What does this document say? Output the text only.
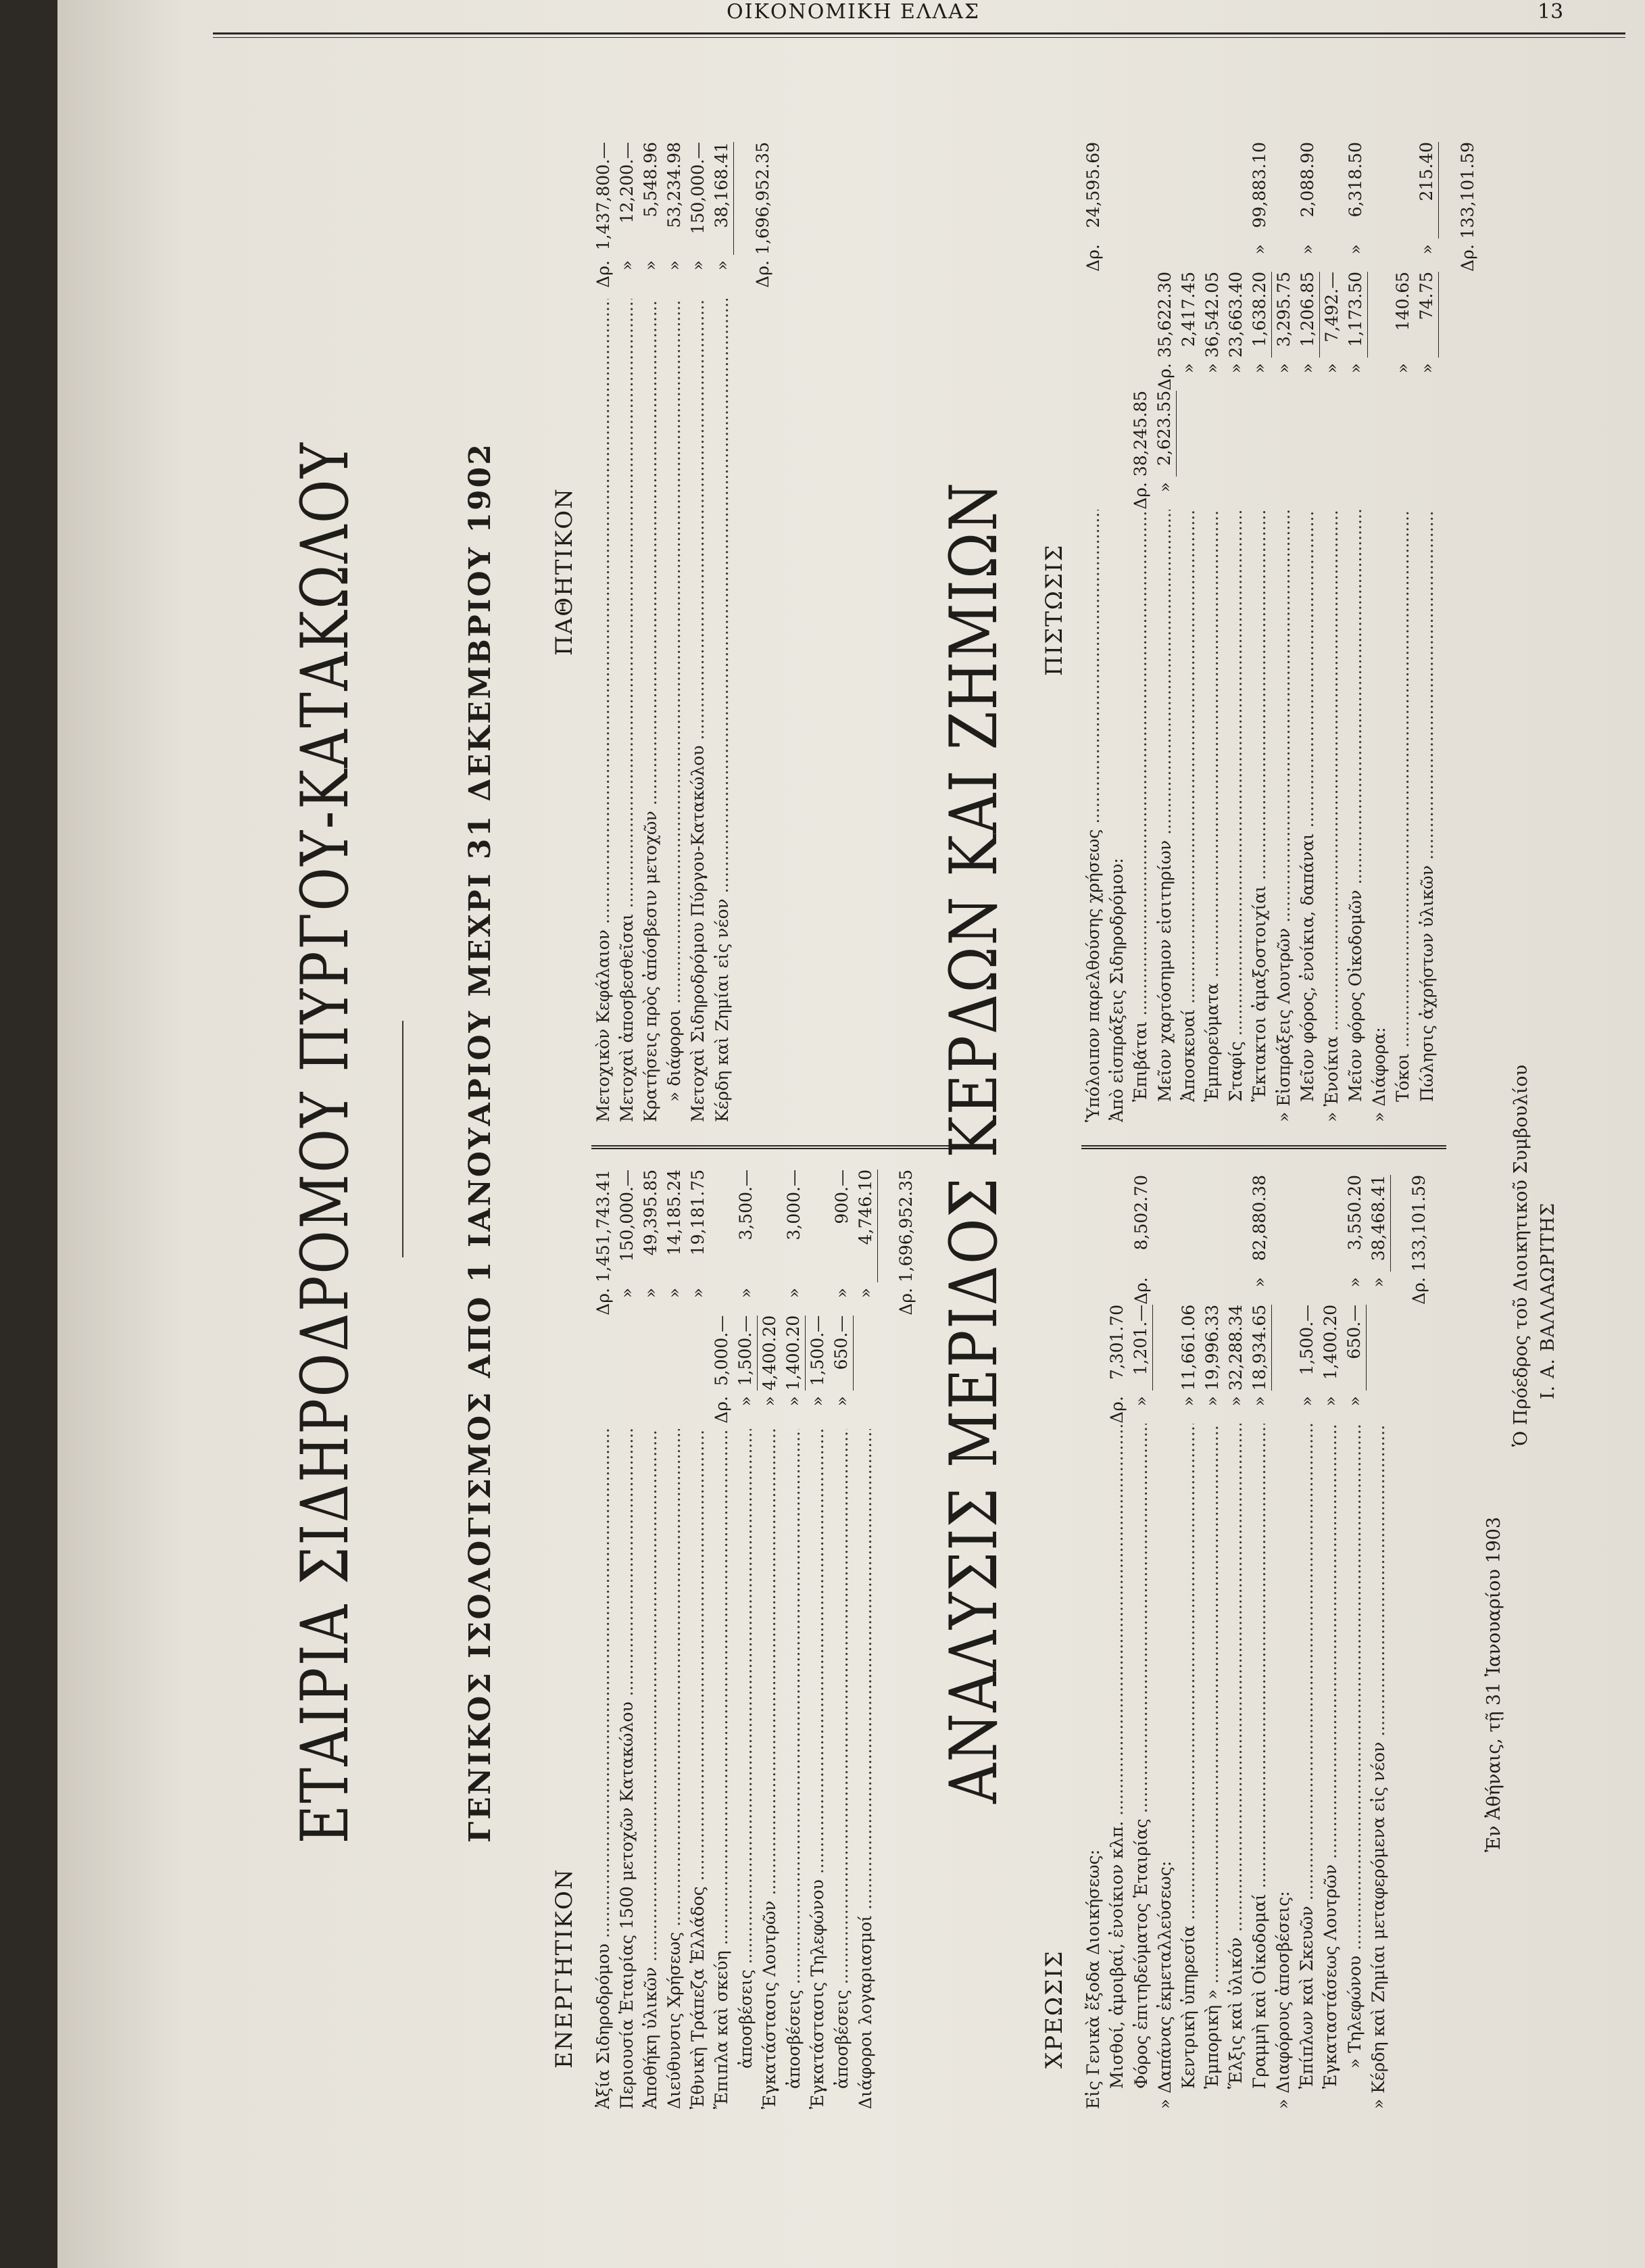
ΟΙΚΟΝΟΜΙΚΗ ΕΛΛΑΣ	13
ΕΤΑΙΡΙΑ ΣΙΔΗΡΟΔΡΟΜΟΥ ΠΥΡΓΟΥ-ΚΑΤΑΚΩΛΟΥ	ΓΕΝΙΚΟΣ ΙΣΟΛΟΓΙΣΜΟΣ ΑΠΟ 1 ΙΑΝΟΥΑΡΙΟΥ ΜΕΧΡΙ 31 ΔΕΚΕΜΒΡΙΟΥ 1902
ΕΝΕΡΓΗΤΙΚΟΝ
ΠΑΘΗΤΙΚΟΝ
Ἀξία Σιδηροδρόμου .....					Δρ.	1,451,743.41
Περιουσία Ἑταιρίας 1500 μετοχῶν Κατακώλου .....					»	150,000.—
Ἀποθήκη ὑλικῶν .....					»	49,395.85
Διεύθυνσις Χρήσεως .....					»	14,185.24
Ἐθνικὴ Τράπεζα Ἑλλάδος .....					»	19,181.75
Ἔπιπλα καὶ σκεύη .....			Δρ.	5,000.—		
ἀποσβέσεις .....			»	1,500.—	»	3,500.—
Ἐγκατάστασις Λουτρῶν .....			»	4,400.20		
ἀποσβέσεις .....			»	1,400.20	»	3,000.—
Ἐγκατάστασις Τηλεφώνου .....			»	1,500.—		
ἀποσβέσεις .....			»	650.—	»	900.—
Διάφοροι λογαριασμοί .....					»	4,746.10
					Δρ.	1,696,952.35
Μετοχικὸν Κεφάλαιον .....					Δρ.	1,437,800.—
Μετοχαὶ ἀποσβεσθεῖσαι .....					»	12,200.—
Κρατήσεις πρὸς ἀπόσβεσιν μετοχῶν .....					»	5,548.96
» διάφοροι .....					»	53,234.98
Μετοχαὶ Σιδηροδρόμου Πύργου-Κατακώλου .....					»	150,000.—
Κέρδη καὶ Ζημίαι εἰς νέον .....					»	38,168.41
					Δρ.	1,696,952.35
ΑΝΑΛΥΣΙΣ ΜΕΡΙΔΟΣ ΚΕΡΔΩΝ ΚΑΙ ΖΗΜΙΩΝ
ΧΡΕΩΣΙΣ
ΠΙΣΤΩΣΙΣ
Εἰς Γενικὰ ἔξοδα Διοικήσεως:						
Μισθοί, ἀμοιβαί, ἐνοίκιον κλπ. .....	Δρ.	7,301.70				
Φόρος ἐπιτηδεύματος Ἑταιρίας .....	»	1,201.—	Δρ.	8,502.70		
» Δαπάνας ἐκμεταλλεύσεως:						
Κεντρικὴ ὑπηρεσία .....	»	11,661.06				
Ἐμπορικὴ » .....	»	19,996.33				
Ἕλξις καὶ ὑλικόν .....	»	32,288.34				
Γραμμὴ καὶ Οἰκοδομαί .....	»	18,934.65	»	82,880.38		
» Διαφόρους ἀποσβέσεις:						
Ἐπίπλων καὶ Σκευῶν .....	»	1,500.—				
Ἐγκαταστάσεως Λουτρῶν .....	»	1,400.20				
» Τηλεφώνου .....	»	650.—	»	3,550.20		
» Κέρδη καὶ Ζημίαι μεταφερόμενα εἰς νέον .....			»	38,468.41		
			Δρ.	133,101.59		
Ὑπόλοιπον παρελθούσης χρήσεως .....					Δρ.	24,595.69
Ἀπὸ εἰσπράξεις Σιδηροδρόμου:						
Ἐπιβάται .....	Δρ.	38,245.85				
Μεῖον χαρτόσημον εἰσιτηρίων .....	»	2,623.55	Δρ.	35,622.30		
Ἀποσκευαί .....			»	2,417.45		
Ἐμπορεύματα .....			»	36,542.05		
Σταφίς .....			»	23,663.40		
Ἔκτακτοι ἀμαξοστοιχίαι .....			»	1,638.20	»	99,883.10
» Εἰσπράξεις Λουτρῶν .....			»	3,295.75		
Μεῖον φόρος, ἐνοίκια, δαπάναι .....			»	1,206.85	»	2,088.90
» Ἐνοίκια .....			»	7,492.—		
Μεῖον φόρος Οἰκοδομῶν .....			»	1,173.50	»	6,318.50
» Διάφορα:						
Τόκοι .....			»	140.65		
Πώλησις ἀχρήστων ὑλικῶν .....			»	74.75	»	215.40
					Δρ.	133,101.59
Ἐν Ἀθήναις, τῇ 31 Ἰανουαρίου 1903
Ὁ Πρόεδρος τοῦ Διοικητικοῦ Συμβουλίου Ι. Α. ΒΑΛΛΑΩΡΙΤΗΣ
